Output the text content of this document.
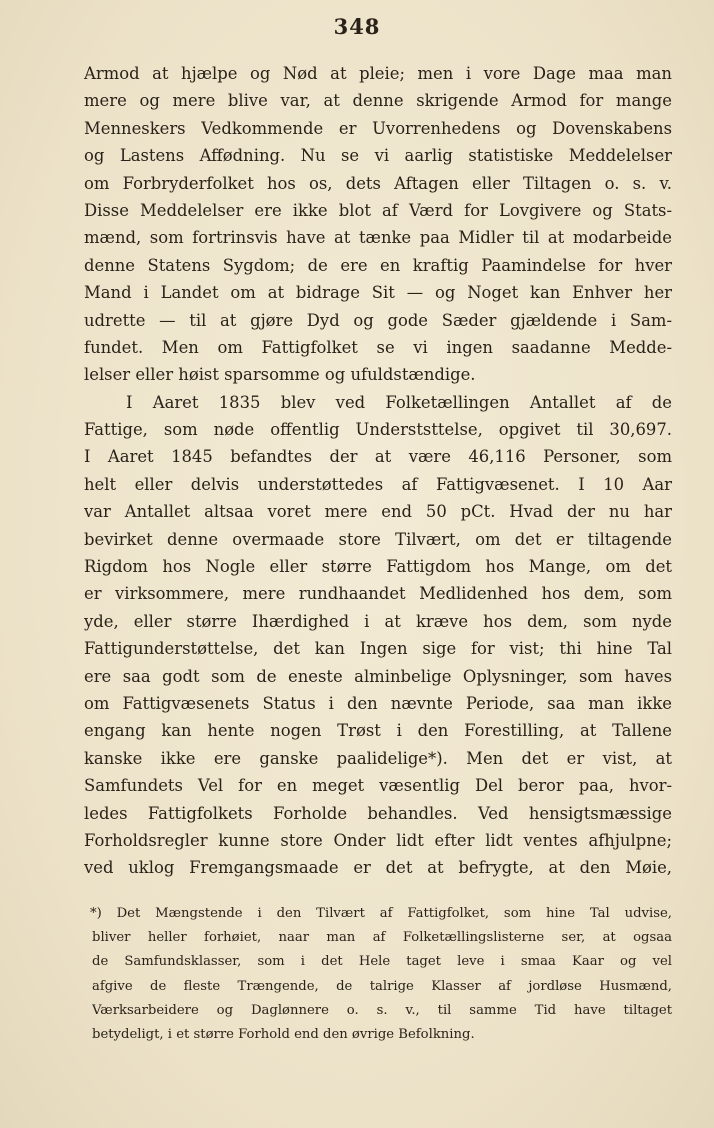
348
Armod at hjælpe og Nød at pleie; men i vore Dage maa man
mere og mere blive var, at denne skrigende Armod for mange
Menneskers Vedkommende er Uvorrenhedens og Dovenskabens
og Lastens Affødning. Nu se vi aarlig statistiske Meddelelser
om Forbryderfolket hos os, dets Aftagen eller Tiltagen o. s. v.
Disse Meddelelser ere ikke blot af Værd for Lovgivere og Stats-
mænd, som fortrinsvis have at tænke paa Midler til at modarbeide
denne Statens Sygdom; de ere en kraftig Paamindelse for hver
Mand i Landet om at bidrage Sit — og Noget kan Enhver her
udrette — til at gjøre Dyd og gode Sæder gjældende i Sam-
fundet. Men om Fattigfolket se vi ingen saadanne Medde-
lelser eller høist sparsomme og ufuldstændige.
I Aaret 1835 blev ved Folketællingen Antallet af de
Fattige, som nøde offentlig Underststtelse, opgivet til 30,697.
I Aaret 1845 befandtes der at være 46,116 Personer, som
helt eller delvis understøttedes af Fattigvæsenet. I 10 Aar
var Antallet altsaa voret mere end 50 pCt. Hvad der nu har
bevirket denne overmaade store Tilvært, om det er tiltagende
Rigdom hos Nogle eller større Fattigdom hos Mange, om det
er virksommere, mere rundhaandet Medlidenhed hos dem, som
yde, eller større Ihærdighed i at kræve hos dem, som nyde
Fattigunderstøttelse, det kan Ingen sige for vist; thi hine Tal
ere saa godt som de eneste alminbelige Oplysninger, som haves
om Fattigvæsenets Status i den nævnte Periode, saa man ikke
engang kan hente nogen Trøst i den Forestilling, at Tallene
kanske ikke ere ganske paalidelige*). Men det er vist, at
Samfundets Vel for en meget væsentlig Del beror paa, hvor-
ledes Fattigfolkets Forholde behandles. Ved hensigtsmæssige
Forholdsregler kunne store Onder lidt efter lidt ventes afhjulpne;
ved uklog Fremgangsmaade er det at befrygte, at den Møie,
*) Det Mængstende i den Tilvært af Fattigfolket, som hine Tal udvise,
bliver heller forhøiet, naar man af Folketællingslisterne ser, at ogsaa
de Samfundsklasser, som i det Hele taget leve i smaa Kaar og vel
afgive de fleste Trængende, de talrige Klasser af jordløse Husmænd,
Værksarbeidere og Daglønnere o. s. v., til samme Tid have tiltaget
betydeligt, i et større Forhold end den øvrige Befolkning.
